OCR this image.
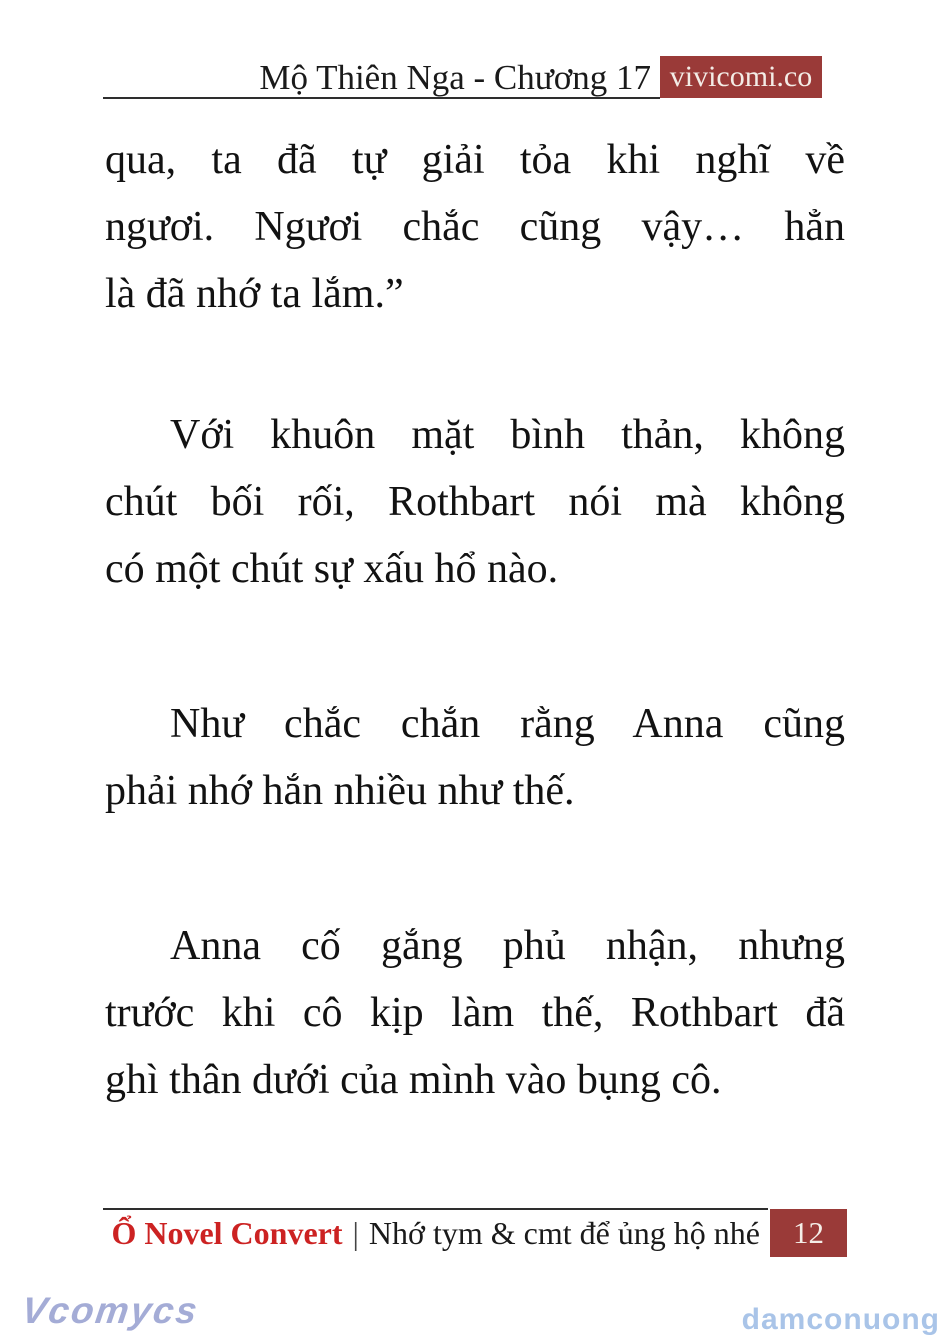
Mộ Thiên Nga - Chương 17 vivicomi.co
qua, ta đã tự giải tỏa khi nghĩ về
ngươi. Ngươi chắc cũng vậy… hẳn
là đã nhớ ta lắm.”
Với khuôn mặt bình thản, không
chút bối rối, Rothbart nói mà không
có một chút sự xấu hổ nào.
Như chắc chắn rằng Anna cũng
phải nhớ hắn nhiều như thế.
Anna cố gắng phủ nhận, nhưng
trước khi cô kịp làm thế, Rothbart đã
ghì thân dưới của mình vào bụng cô.
Ổ Novel Convert | Nhớ tym & cmt để ủng hộ nhé	12
Vcomycs	damconuong
